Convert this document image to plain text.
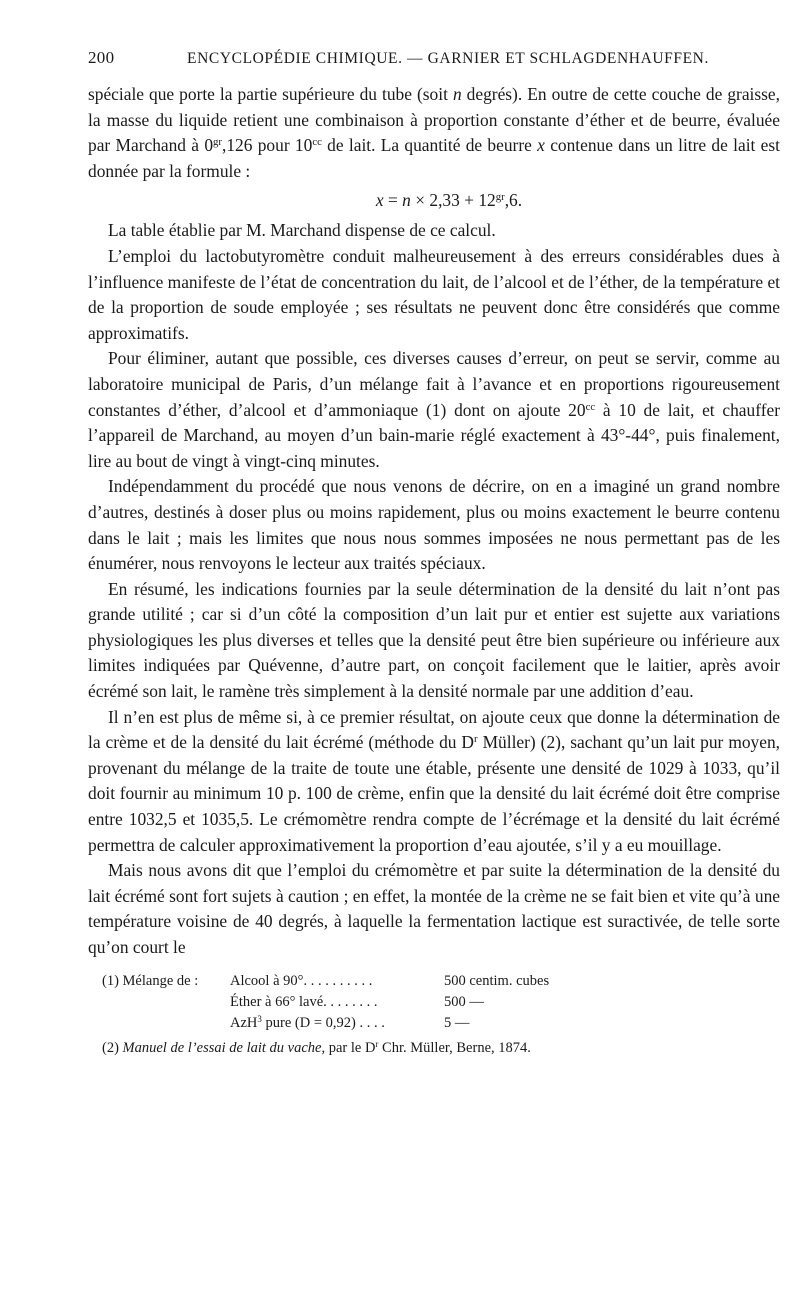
200	ENCYCLOPÉDIE CHIMIQUE. — GARNIER ET SCHLAGDENHAUFFEN.

spéciale que porte la partie supérieure du tube (soit n degrés). En outre de cette couche de graisse, la masse du liquide retient une combinaison à proportion constante d’éther et de beurre, évaluée par Marchand à $0^{gr},126$ pour $10^{cc}$ de lait. La quantité de beurre x contenue dans un litre de lait est donnée par la formule :

$x = n \times 2,33 + 12^{gr},6$.

La table établie par M. Marchand dispense de ce calcul.

L’emploi du lactobutyromètre conduit malheureusement à des erreurs considérables dues à l’influence manifeste de l’état de concentration du lait, de l’alcool et de l’éther, de la température et de la proportion de soude employée ; ses résultats ne peuvent donc être considérés que comme approximatifs.

Pour éliminer, autant que possible, ces diverses causes d’erreur, on peut se servir, comme au laboratoire municipal de Paris, d’un mélange fait à l’avance et en proportions rigoureusement constantes d’éther, d’alcool et d’ammoniaque (1) dont on ajoute $20^{cc}$ à 10 de lait, et chauffer l’appareil de Marchand, au moyen d’un bain-marie réglé exactement à 43°-44°, puis finalement, lire au bout de vingt à vingt-cinq minutes.

Indépendamment du procédé que nous venons de décrire, on en a imaginé un grand nombre d’autres, destinés à doser plus ou moins rapidement, plus ou moins exactement le beurre contenu dans le lait ; mais les limites que nous nous sommes imposées ne nous permettant pas de les énumérer, nous renvoyons le lecteur aux traités spéciaux.

En résumé, les indications fournies par la seule détermination de la densité du lait n’ont pas grande utilité ; car si d’un côté la composition d’un lait pur et entier est sujette aux variations physiologiques les plus diverses et telles que la densité peut être bien supérieure ou inférieure aux limites indiquées par Quévenne, d’autre part, on conçoit facilement que le laitier, après avoir écrémé son lait, le ramène très simplement à la densité normale par une addition d’eau.

Il n’en est plus de même si, à ce premier résultat, on ajoute ceux que donne la détermination de la crème et de la densité du lait écrémé (méthode du $D^r$ Müller) (2), sachant qu’un lait pur moyen, provenant du mélange de la traite de toute une étable, présente une densité de 1029 à 1033, qu’il doit fournir au minimum 10 p. 100 de crème, enfin que la densité du lait écrémé doit être comprise entre 1032,5 et 1035,5. Le crémomètre rendra compte de l’écrémage et la densité du lait écrémé permettra de calculer approximativement la proportion d’eau ajoutée, s’il y a eu mouillage.

Mais nous avons dit que l’emploi du crémomètre et par suite la détermination de la densité du lait écrémé sont fort sujets à caution ; en effet, la montée de la crème ne se fait bien et vite qu’à une température voisine de 40 degrés, à laquelle la fermentation lactique est suractivée, de telle sorte qu’on court le

(1) Mélange de :	Alcool à 90°. . . . . . . . . .	500 centim. cubes
Éther à 66° lavé. . . . . . . .	500 —
AzH$^3$ pure (D = 0,92) . . . .	5 —
(2) Manuel de l’essai de lait du vache, par le $D^r$ Chr. Müller, Berne, 1874.
